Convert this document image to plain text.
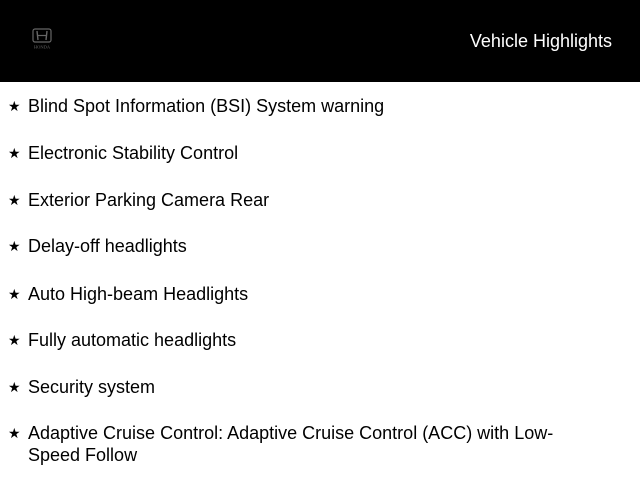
HONDA	Vehicle Highlights
★ Blind Spot Information (BSI) System warning
★ Electronic Stability Control
★ Exterior Parking Camera Rear
★ Delay-off headlights
★ Auto High-beam Headlights
★ Fully automatic headlights
★ Security system
★ Adaptive Cruise Control: Adaptive Cruise Control (ACC) with Low-Speed Follow
